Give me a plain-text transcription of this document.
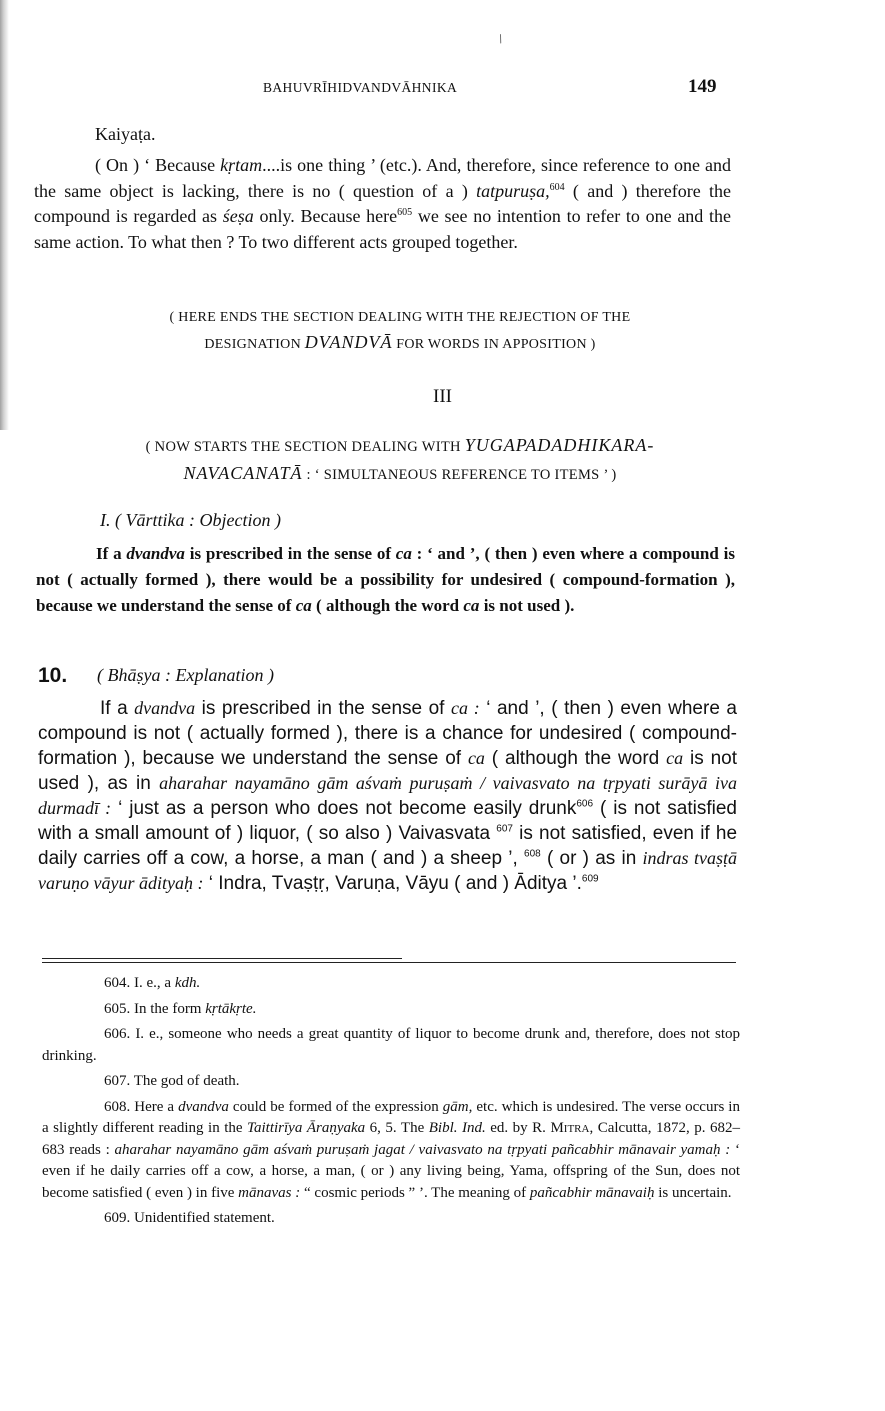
/
BAHUVRĪHIDVANDVĀHNIKA	149

Kaiyaṭa.

( On ) ‘ Because kṛtam....is one thing ’ (etc.). And, therefore, since reference to one and the same object is lacking, there is no ( question of a ) tatpuruṣa,$^{604}$ ( and ) therefore the compound is regarded as śeṣa only. Because here$^{605}$ we see no intention to refer to one and the same action. To what then ? To two different acts grouped together.

( HERE ENDS THE SECTION DEALING WITH THE REJECTION OF THE
DESIGNATION DVANDVĀ FOR WORDS IN APPOSITION )
III
( NOW STARTS THE SECTION DEALING WITH YUGAPADADHIKARA-
NAVACANATĀ : ‘ SIMULTANEOUS REFERENCE TO ITEMS ’ )
I. ( Vārttika : Objection )

If a dvandva is prescribed in the sense of ca : ‘ and ’, ( then ) even where a compound is not ( actually formed ), there would be a possibility for undesired ( compound-formation ), because we understand the sense of ca ( although the word ca is not used ).

10. ( Bhāṣya : Explanation )
If a dvandva is prescribed in the sense of ca : ‘ and ’, ( then ) even where a compound is not ( actually formed ), there is a chance for undesired ( compound-formation ), because we understand the sense of ca ( although the word ca is not used ), as in aharahar nayamāno gām aśvaṁ puruṣaṁ / vaivasvato na tṛpyati surāyā iva durmadī : ‘ just as a person who does not become easily drunk$^{606}$ ( is not satisfied with a small amount of ) liquor, ( so also ) Vaivasvata $^{607}$ is not satisfied, even if he daily carries off a cow, a horse, a man ( and ) a sheep ’, $^{608}$ ( or ) as in indras tvaṣṭā varuṇo vāyur ādityaḥ : ‘ Indra, Tvaṣṭṛ, Varuṇa, Vāyu ( and ) Āditya ’.$^{609}$

604. I. e., a kdh.

605. In the form kṛtākṛte.

606. I. e., someone who needs a great quantity of liquor to become drunk and, therefore, does not stop drinking.

607. The god of death.

608. Here a dvandva could be formed of the expression gām, etc. which is undesired. The verse occurs in a slightly different reading in the Taittirīya Āraṇyaka 6, 5. The Bibl. Ind. ed. by R. Mitra, Calcutta, 1872, p. 682–683 reads : aharahar nayamāno gām aśvaṁ puruṣaṁ jagat / vaivasvato na tṛpyati pañcabhir mānavair yamaḥ : ‘ even if he daily carries off a cow, a horse, a man, ( or ) any living being, Yama, offspring of the Sun, does not become satisfied ( even ) in five mānavas : “ cosmic periods ” ’. The meaning of pañcabhir mānavaiḥ is uncertain.

609. Unidentified statement.
